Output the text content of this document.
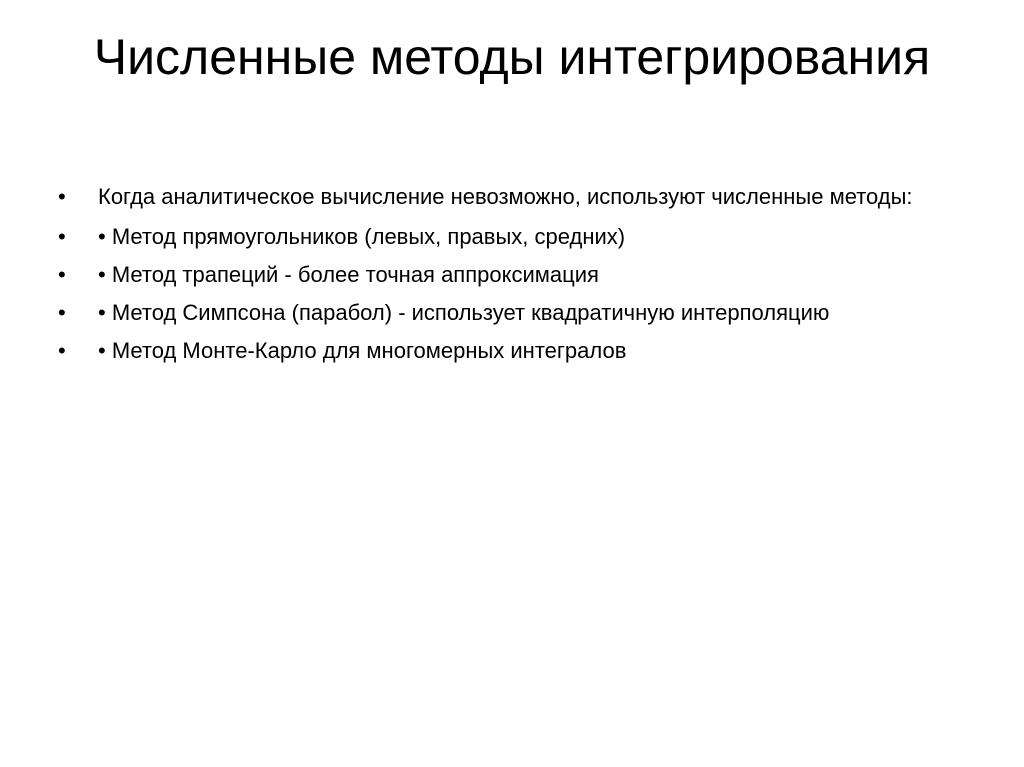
Численные методы интегрирования
• Когда аналитическое вычисление невозможно, используют численные методы:
• • Метод прямоугольников (левых, правых, средних)
• • Метод трапеций - более точная аппроксимация
• • Метод Симпсона (парабол) - использует квадратичную интерполяцию
• • Метод Монте-Карло для многомерных интегралов
